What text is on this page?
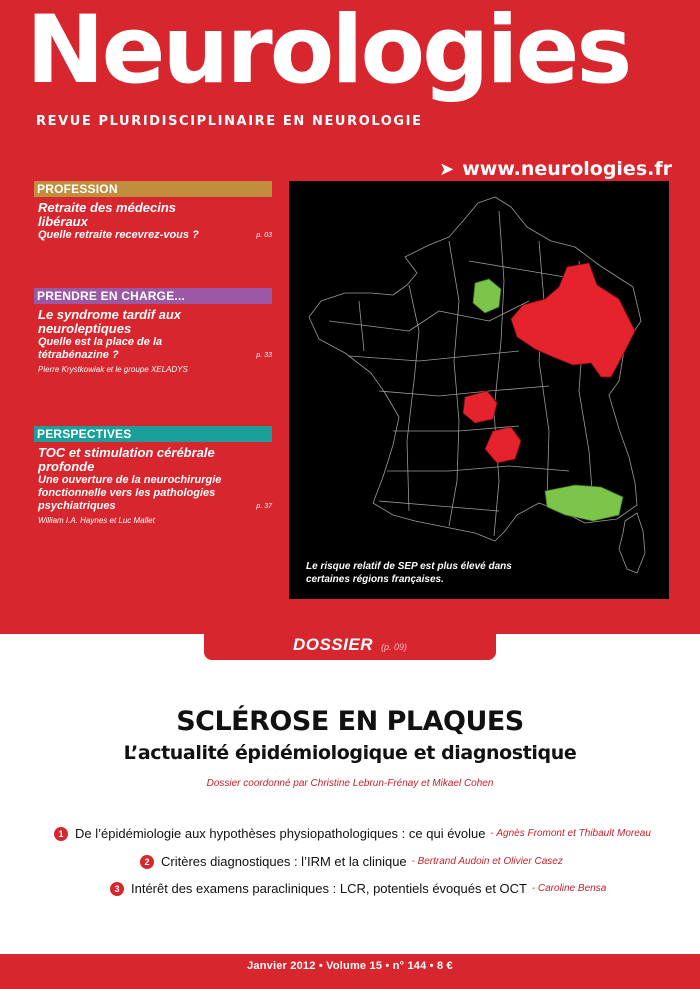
Neurologies
REVUE PLURIDISCIPLINAIRE EN NEUROLOGIE
➤ www.neurologies.fr
PROFESSION
Retraite des médecins libéraux
Quelle retraite recevrez-vous ?	p. 03
PRENDRE EN CHARGE...
Le syndrome tardif aux neuroleptiques
Quelle est la place de la tétrabénazine ?	p. 33
Pierre Krystkowiak et le groupe XELADYS
PERSPECTIVES
TOC et stimulation cérébrale profonde
Une ouverture de la neurochirurgie fonctionnelle vers les pathologies psychiatriques	p. 37
William I.A. Haynes et Luc Mallet
Le risque relatif de SEP est plus élevé dans certaines régions françaises.
DOSSIER (p. 09)
SCLÉROSE EN PLAQUES
L’actualité épidémiologique et diagnostique
Dossier coordonné par Christine Lebrun-Frénay et Mikael Cohen
1 De l’épidémiologie aux hypothèses physiopathologiques : ce qui évolue - Agnès Fromont et Thibault Moreau
2 Critères diagnostiques : l’IRM et la clinique - Bertrand Audoin et Olivier Casez
3 Intérêt des examens paracliniques : LCR, potentiels évoqués et OCT - Caroline Bensa
Janvier 2012 • Volume 15 • n° 144 • 8 €
